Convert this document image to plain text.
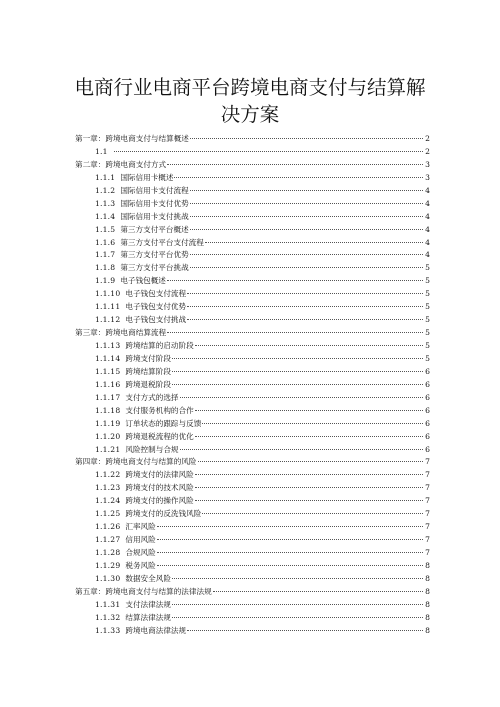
电商行业电商平台跨境电商支付与结算解
决方案
第一章：跨境电商支付与结算概述	2
1.1	2
第二章：跨境电商支付方式	3
1.1.1 国际信用卡概述	3
1.1.2 国际信用卡支付流程	4
1.1.3 国际信用卡支付优势	4
1.1.4 国际信用卡支付挑战	4
1.1.5 第三方支付平台概述	4
1.1.6 第三方支付平台支付流程	4
1.1.7 第三方支付平台优势	4
1.1.8 第三方支付平台挑战	5
1.1.9 电子钱包概述	5
1.1.10 电子钱包支付流程	5
1.1.11 电子钱包支付优势	5
1.1.12 电子钱包支付挑战	5
第三章：跨境电商结算流程	5
1.1.13 跨境结算的启动阶段	5
1.1.14 跨境支付阶段	5
1.1.15 跨境结算阶段	6
1.1.16 跨境退税阶段	6
1.1.17 支付方式的选择	6
1.1.18 支付服务机构的合作	6
1.1.19 订单状态的跟踪与反馈	6
1.1.20 跨境退税流程的优化	6
1.1.21 风险控制与合规	6
第四章：跨境电商支付与结算的风险	7
1.1.22 跨境支付的法律风险	7
1.1.23 跨境支付的技术风险	7
1.1.24 跨境支付的操作风险	7
1.1.25 跨境支付的反洗钱风险	7
1.1.26 汇率风险	7
1.1.27 信用风险	7
1.1.28 合规风险	7
1.1.29 税务风险	8
1.1.30 数据安全风险	8
第五章：跨境电商支付与结算的法律法规	8
1.1.31 支付法律法规	8
1.1.32 结算法律法规	8
1.1.33 跨境电商法律法规	8
